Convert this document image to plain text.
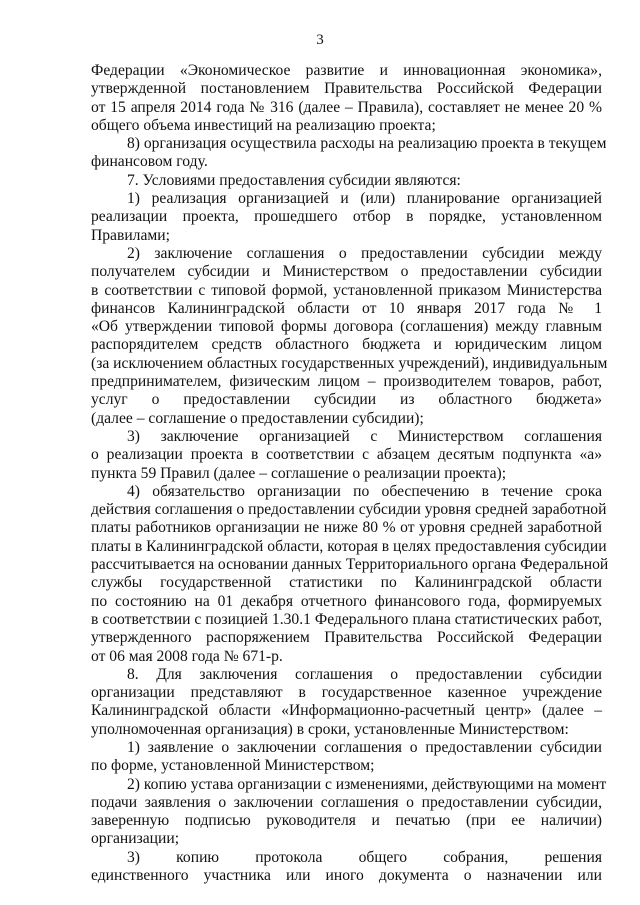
3
Федерации «Экономическое развитие и инновационная экономика»,
утвержденной постановлением Правительства Российской Федерации
от 15 апреля 2014 года № 316 (далее – Правила), составляет не менее 20 %
общего объема инвестиций на реализацию проекта;
8) организация осуществила расходы на реализацию проекта в текущем
финансовом году.
7. Условиями предоставления субсидии являются:
1) реализация организацией и (или) планирование организацией
реализации проекта, прошедшего отбор в порядке, установленном
Правилами;
2) заключение соглашения о предоставлении субсидии между
получателем субсидии и Министерством о предоставлении субсидии
в соответствии с типовой формой, установленной приказом Министерства
финансов Калининградской области от 10 января 2017 года № 1
«Об утверждении типовой формы договора (соглашения) между главным
распорядителем средств областного бюджета и юридическим лицом
(за исключением областных государственных учреждений), индивидуальным
предпринимателем, физическим лицом – производителем товаров, работ,
услуг о предоставлении субсидии из областного бюджета»
(далее – соглашение о предоставлении субсидии);
3) заключение организацией с Министерством соглашения
о реализации проекта в соответствии с абзацем десятым подпункта «а»
пункта 59 Правил (далее – соглашение о реализации проекта);
4) обязательство организации по обеспечению в течение срока
действия соглашения о предоставлении субсидии уровня средней заработной
платы работников организации не ниже 80 % от уровня средней заработной
платы в Калининградской области, которая в целях предоставления субсидии
рассчитывается на основании данных Территориального органа Федеральной
службы государственной статистики по Калининградской области
по состоянию на 01 декабря отчетного финансового года, формируемых
в соответствии с позицией 1.30.1 Федерального плана статистических работ,
утвержденного распоряжением Правительства Российской Федерации
от 06 мая 2008 года № 671-р.
8. Для заключения соглашения о предоставлении субсидии
организации представляют в государственное казенное учреждение
Калининградской области «Информационно-расчетный центр» (далее –
уполномоченная организация) в сроки, установленные Министерством:
1) заявление о заключении соглашения о предоставлении субсидии
по форме, установленной Министерством;
2) копию устава организации с изменениями, действующими на момент
подачи заявления о заключении соглашения о предоставлении субсидии,
заверенную подписью руководителя и печатью (при ее наличии)
организации;
3) копию протокола общего собрания, решения
единственного участника или иного документа о назначении или
